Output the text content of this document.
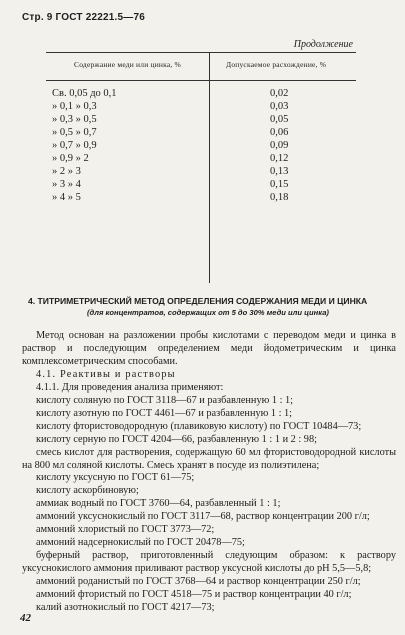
Стр. 9 ГОСТ 22221.5—76
Продолжение
Содержание меди или цинка, %	Допускаемое расхождение, %
Св. 0,05 до 0,1	0,02
» 0,1 » 0,3	0,03
» 0,3 » 0,5	0,05
» 0,5 » 0,7	0,06
» 0,7 » 0,9	0,09
» 0,9 » 2	0,12
» 2 » 3	0,13
» 3 » 4	0,15
» 4 » 5	0,18
4. ТИТРИМЕТРИЧЕСКИЙ МЕТОД ОПРЕДЕЛЕНИЯ СОДЕРЖАНИЯ МЕДИ И ЦИНКА
(для концентратов, содержащих от 5 до 30% меди или цинка)

Метод основан на разложении пробы кислотами с переводом меди и цинка в раствор и последующим определением меди йодометрическим и цинка комплексометрическим способами.

4.1. Реактивы и растворы

4.1.1. Для проведения анализа применяют:

кислоту соляную по ГОСТ 3118—67 и разбавленную 1 : 1;

кислоту азотную по ГОСТ 4461—67 и разбавленную 1 : 1;

кислоту фтористоводородную (плавиковую кислоту) по ГОСТ 10484—73;

кислоту серную по ГОСТ 4204—66, разбавленную 1 : 1 и 2 : 98;

смесь кислот для растворения, содержащую 60 мл фтористоводородной кислоты на 800 мл соляной кислоты. Смесь хранят в посуде из полиэтилена;

кислоту уксусную по ГОСТ 61—75;

кислоту аскорбиновую;

аммиак водный по ГОСТ 3760—64, разбавленный 1 : 1;

аммоний уксуснокислый по ГОСТ 3117—68, раствор концентрации 200 г/л;

аммоний хлористый по ГОСТ 3773—72;

аммоний надсернокислый по ГОСТ 20478—75;

буферный раствор, приготовленный следующим образом: к раствору уксуснокислого аммония приливают раствор уксусной кислоты до pH 5,5—5,8;

аммоний роданистый по ГОСТ 3768—64 и раствор концентрации 250 г/л;

аммоний фтористый по ГОСТ 4518—75 и раствор концентрации 40 г/л;

калий азотнокислый по ГОСТ 4217—73;

42
